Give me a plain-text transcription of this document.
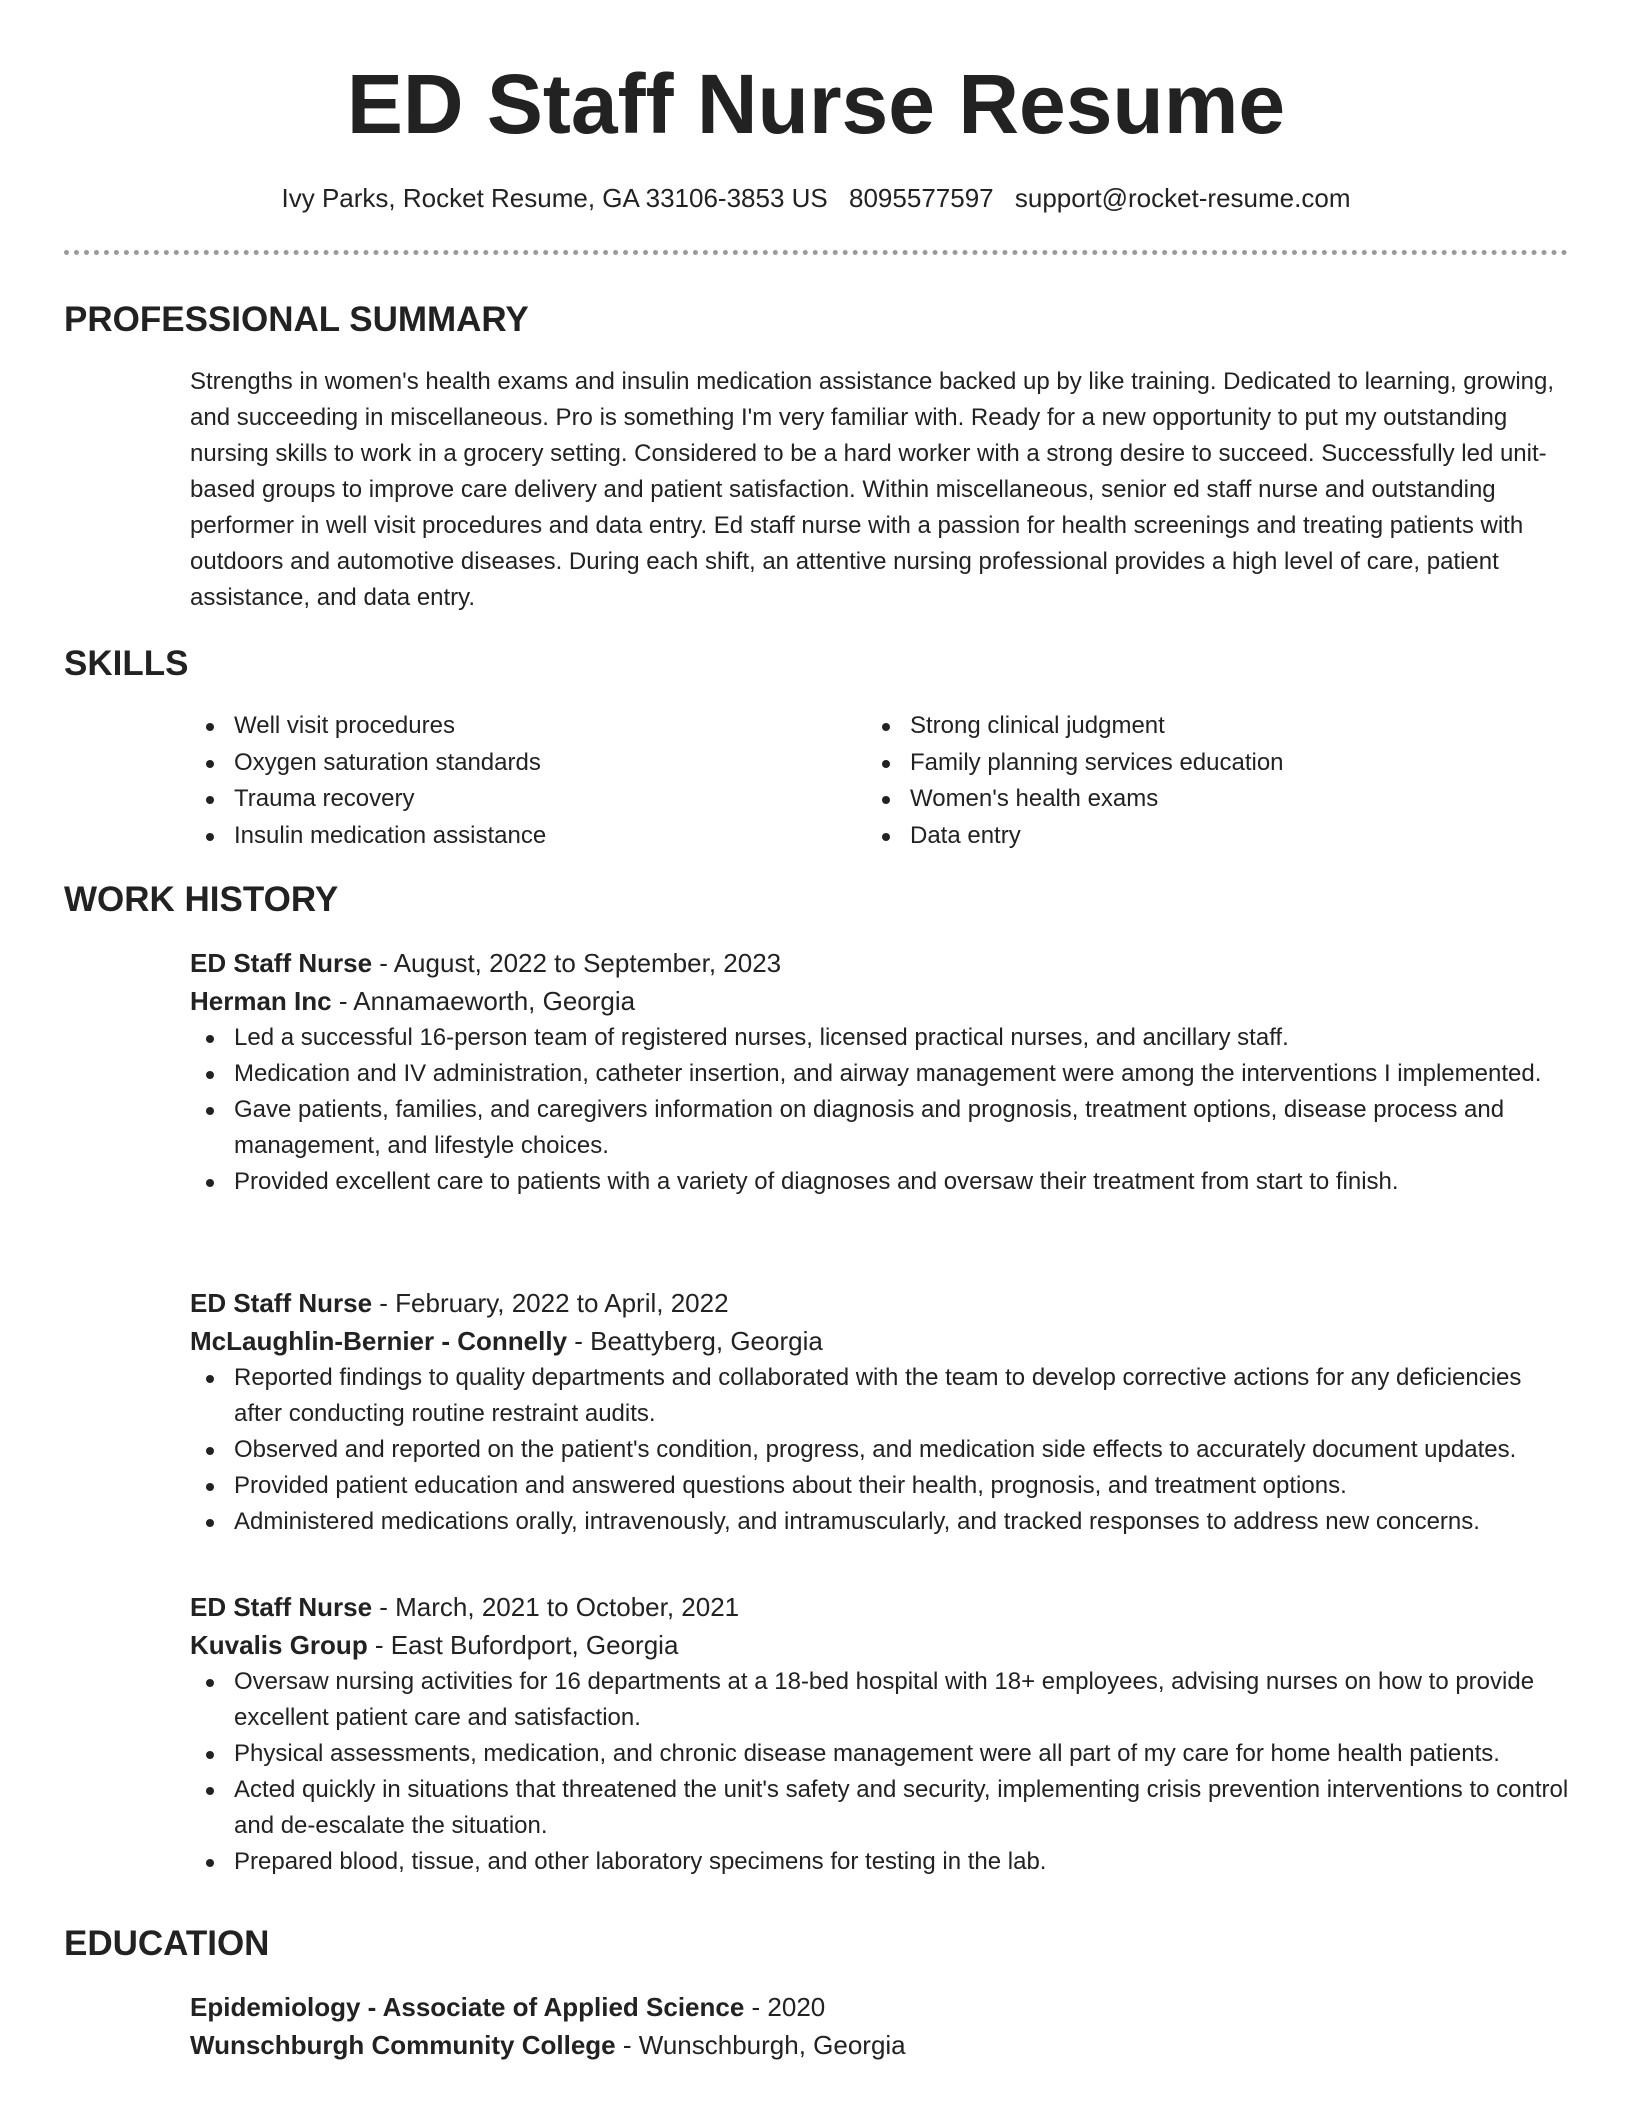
ED Staff Nurse Resume
Ivy Parks, Rocket Resume, GA 33106-3853 US 8095577597 support@rocket-resume.com
PROFESSIONAL SUMMARY

Strengths in women's health exams and insulin medication assistance backed up by like training. Dedicated to learning, growing, and succeeding in miscellaneous. Pro is something I'm very familiar with. Ready for a new opportunity to put my outstanding nursing skills to work in a grocery setting. Considered to be a hard worker with a strong desire to succeed. Successfully led unit-based groups to improve care delivery and patient satisfaction. Within miscellaneous, senior ed staff nurse and outstanding performer in well visit procedures and data entry. Ed staff nurse with a passion for health screenings and treating patients with outdoors and automotive diseases. During each shift, an attentive nursing professional provides a high level of care, patient assistance, and data entry.

SKILLS
Well visit procedures
Oxygen saturation standards
Trauma recovery
Insulin medication assistance
Strong clinical judgment
Family planning services education
Women's health exams
Data entry
WORK HISTORY
ED Staff Nurse - August, 2022 to September, 2023
Herman Inc - Annamaeworth, Georgia
Led a successful 16-person team of registered nurses, licensed practical nurses, and ancillary staff.
Medication and IV administration, catheter insertion, and airway management were among the interventions I implemented.
Gave patients, families, and caregivers information on diagnosis and prognosis, treatment options, disease process and management, and lifestyle choices.
Provided excellent care to patients with a variety of diagnoses and oversaw their treatment from start to finish.
ED Staff Nurse - February, 2022 to April, 2022
McLaughlin-Bernier - Connelly - Beattyberg, Georgia
Reported findings to quality departments and collaborated with the team to develop corrective actions for any deficiencies after conducting routine restraint audits.
Observed and reported on the patient's condition, progress, and medication side effects to accurately document updates.
Provided patient education and answered questions about their health, prognosis, and treatment options.
Administered medications orally, intravenously, and intramuscularly, and tracked responses to address new concerns.
ED Staff Nurse - March, 2021 to October, 2021
Kuvalis Group - East Bufordport, Georgia
Oversaw nursing activities for 16 departments at a 18-bed hospital with 18+ employees, advising nurses on how to provide excellent patient care and satisfaction.
Physical assessments, medication, and chronic disease management were all part of my care for home health patients.
Acted quickly in situations that threatened the unit's safety and security, implementing crisis prevention interventions to control and de-escalate the situation.
Prepared blood, tissue, and other laboratory specimens for testing in the lab.
EDUCATION
Epidemiology - Associate of Applied Science - 2020
Wunschburgh Community College - Wunschburgh, Georgia
